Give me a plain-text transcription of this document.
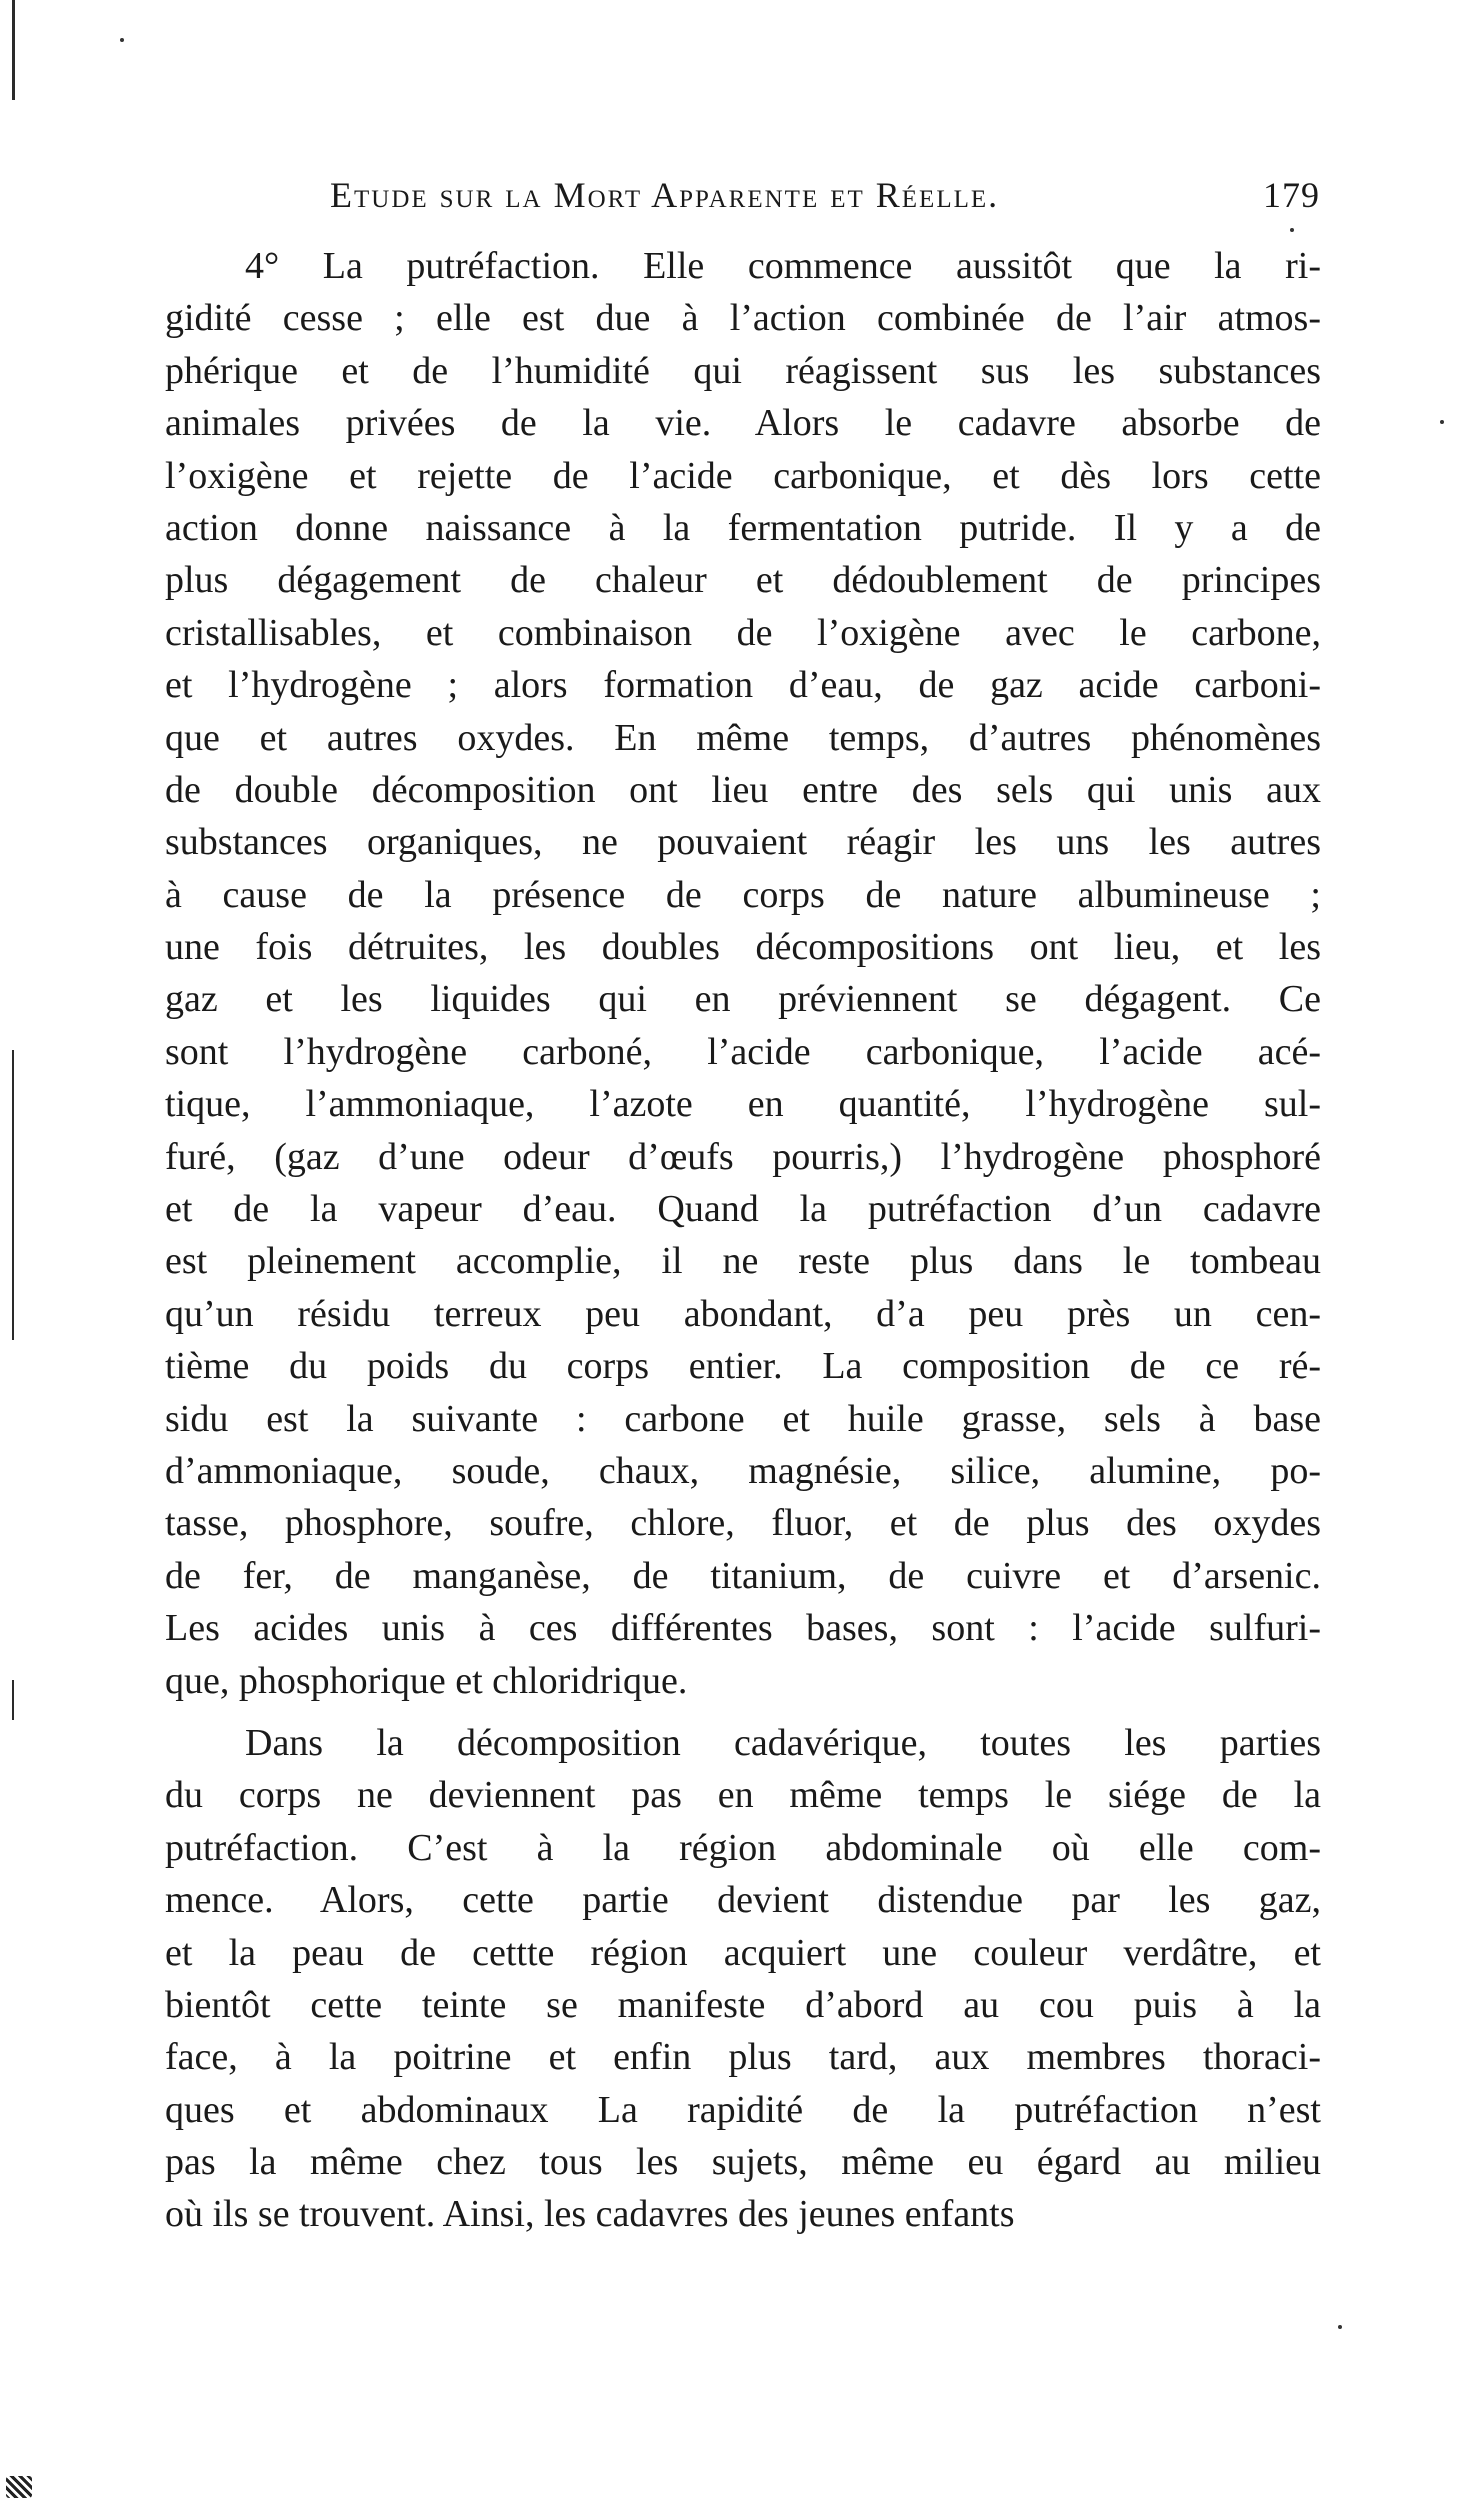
Etude sur la Mort Apparente et Réelle.	179
4° La putréfaction. Elle commence aussitôt que la ri-
gidité cesse ; elle est due à l’action combinée de l’air atmos-
phérique et de l’humidité qui réagissent sus les substances
animales privées de la vie. Alors le cadavre absorbe de
l’oxigène et rejette de l’acide carbonique, et dès lors cette
action donne naissance à la fermentation putride. Il y a de
plus dégagement de chaleur et dédoublement de principes
cristallisables, et combinaison de l’oxigène avec le carbone,
et l’hydrogène ; alors formation d’eau, de gaz acide carboni-
que et autres oxydes. En même temps, d’autres phénomènes
de double décomposition ont lieu entre des sels qui unis aux
substances organiques, ne pouvaient réagir les uns les autres
à cause de la présence de corps de nature albumineuse ;
une fois détruites, les doubles décompositions ont lieu, et les
gaz et les liquides qui en préviennent se dégagent. Ce
sont l’hydrogène carboné, l’acide carbonique, l’acide acé-
tique, l’ammoniaque, l’azote en quantité, l’hydrogène sul-
furé, (gaz d’une odeur d’œufs pourris,) l’hydrogène phosphoré
et de la vapeur d’eau. Quand la putréfaction d’un cadavre
est pleinement accomplie, il ne reste plus dans le tombeau
qu’un résidu terreux peu abondant, d’a peu près un cen-
tième du poids du corps entier. La composition de ce ré-
sidu est la suivante : carbone et huile grasse, sels à base
d’ammoniaque, soude, chaux, magnésie, silice, alumine, po-
tasse, phosphore, soufre, chlore, fluor, et de plus des oxydes
de fer, de manganèse, de titanium, de cuivre et d’arsenic.
Les acides unis à ces différentes bases, sont : l’acide sulfuri-
que, phosphorique et chloridrique.
Dans la décomposition cadavérique, toutes les parties
du corps ne deviennent pas en même temps le siége de la
putréfaction. C’est à la région abdominale où elle com-
mence. Alors, cette partie devient distendue par les gaz,
et la peau de cettte région acquiert une couleur verdâtre, et
bientôt cette teinte se manifeste d’abord au cou puis à la
face, à la poitrine et enfin plus tard, aux membres thoraci-
ques et abdominaux La rapidité de la putréfaction n’est
pas la même chez tous les sujets, même eu égard au milieu
où ils se trouvent. Ainsi, les cadavres des jeunes enfants
